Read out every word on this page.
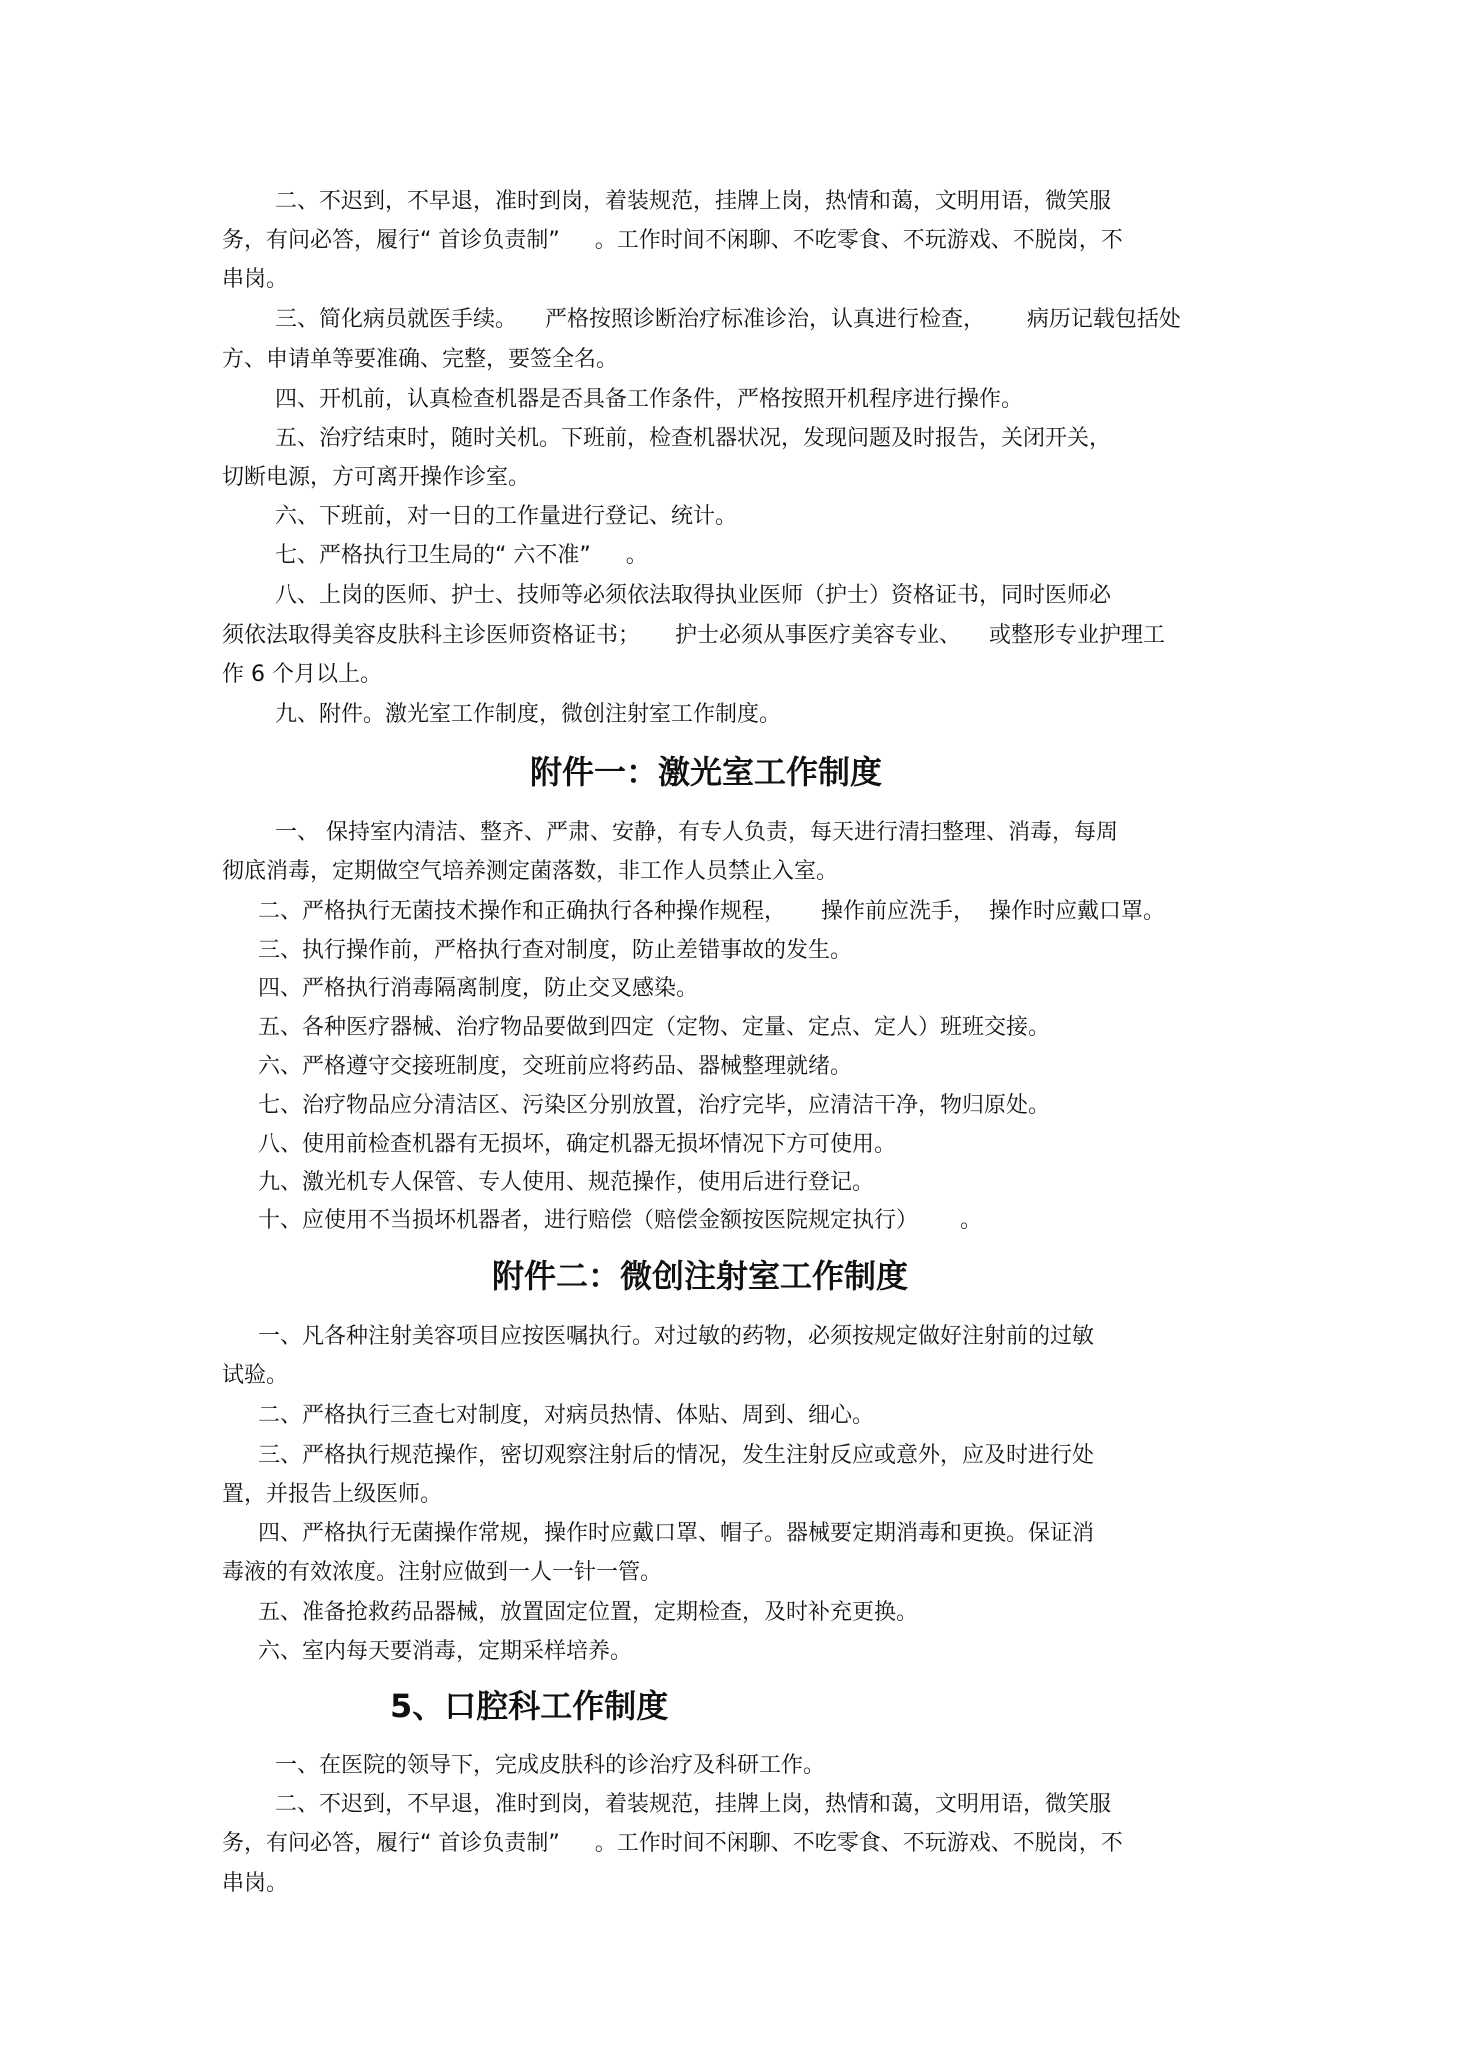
二、不迟到，不早退，准时到岗，着装规范，挂牌上岗，热情和蔼，文明用语，微笑服

务，有问必答，履行“ 首诊负责制”     。工作时间不闲聊、不吃零食、不玩游戏、不脱岗，不

串岗。

三、简化病员就医手续。    严格按照诊断治疗标准诊治，认真进行检查，      病历记载包括处

方、申请单等要准确、完整，要签全名。

四、开机前，认真检查机器是否具备工作条件，严格按照开机程序进行操作。

五、治疗结束时，随时关机。下班前，检查机器状况，发现问题及时报告，关闭开关，

切断电源，方可离开操作诊室。

六、下班前，对一日的工作量进行登记、统计。

七、严格执行卫生局的“ 六不准”     。

八、上岗的医师、护士、技师等必须依法取得执业医师（护士）资格证书，同时医师必

须依法取得美容皮肤科主诊医师资格证书；     护士必须从事医疗美容专业、    或整形专业护理工

作 6 个月以上。

九、附件。激光室工作制度，微创注射室工作制度。

附件一：激光室工作制度

一、 保持室内清洁、整齐、严肃、安静，有专人负责，每天进行清扫整理、消毒，每周

彻底消毒，定期做空气培养测定菌落数，非工作人员禁止入室。

二、严格执行无菌技术操作和正确执行各种操作规程，     操作前应洗手，  操作时应戴口罩。

三、执行操作前，严格执行查对制度，防止差错事故的发生。

四、严格执行消毒隔离制度，防止交叉感染。

五、各种医疗器械、治疗物品要做到四定（定物、定量、定点、定人）班班交接。

六、严格遵守交接班制度，交班前应将药品、器械整理就绪。

七、治疗物品应分清洁区、污染区分别放置，治疗完毕，应清洁干净，物归原处。

八、使用前检查机器有无损坏，确定机器无损坏情况下方可使用。

九、激光机专人保管、专人使用、规范操作，使用后进行登记。

十、应使用不当损坏机器者，进行赔偿（赔偿金额按医院规定执行）      。

附件二：微创注射室工作制度

一、凡各种注射美容项目应按医嘱执行。对过敏的药物，必须按规定做好注射前的过敏

试验。

二、严格执行三查七对制度，对病员热情、体贴、周到、细心。

三、严格执行规范操作，密切观察注射后的情况，发生注射反应或意外，应及时进行处

置，并报告上级医师。

四、严格执行无菌操作常规，操作时应戴口罩、帽子。器械要定期消毒和更换。保证消

毒液的有效浓度。注射应做到一人一针一管。

五、准备抢救药品器械，放置固定位置，定期检查，及时补充更换。

六、室内每天要消毒，定期采样培养。

5、口腔科工作制度

一、在医院的领导下，完成皮肤科的诊治疗及科研工作。

二、不迟到，不早退，准时到岗，着装规范，挂牌上岗，热情和蔼，文明用语，微笑服

务，有问必答，履行“ 首诊负责制”     。工作时间不闲聊、不吃零食、不玩游戏、不脱岗，不

串岗。
